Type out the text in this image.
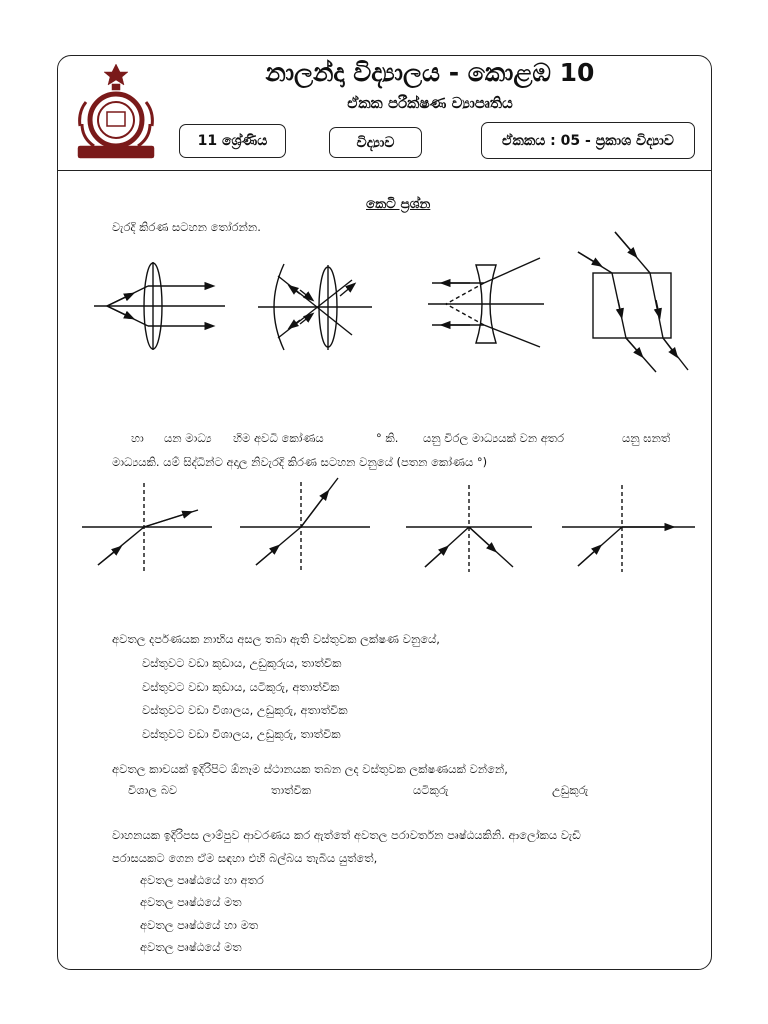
නාලන්දා විද්‍යාලය - කොළඹ 10
ඒකක පරීක්ෂණ ව්‍යාපෘතිය
11 ශ්‍රේණිය	විද්‍යාව	ඒකකය : 05 - ප්‍රකාශ විද්‍යාව
කෙටි ප්‍රශ්න
වැරදි කිරණ සටහන තෝරන්න.
හා යන මාධ්‍ය හිම අවධි කෝණය	° කි. යනු විරල මාධ්‍යයක් වන අතර	යනු ඝනත්
මාධ්‍යයකි. යම් සිද්ධින්ට අදාල නිවැරදි කිරණ සටහන වනුයේ (පතන කෝණය °)
අවතල දර්පණයක නාභිය අසල තබා ඇති වස්තුවක ලක්ෂණ වනුයේ,
වස්තුවට වඩා කුඩාය, උඩුකුරුය, තාත්වික
වස්තුවට වඩා කුඩාය, යටිකුරු, අතාත්වික
වස්තුවට වඩා විශාලය, උඩුකුරු, අතාත්වික
වස්තුවට වඩා විශාලය, උඩුකුරු, තාත්වික
අවතල කාචයක් ඉදිරිපිට ඕනෑම ස්ථානයක තබන ලද වස්තුවක ලක්ෂණයක් වන්නේ,
විශාල බව	තාත්වික	යටිකුරු	උඩුකුරු
වාහනයක ඉදිරිපස ලාම්පුව ආවරණය කර ඇත්තේ අවතල පරාවර්තන පෘෂ්ඨයකිනි. ආලෝකය වැඩි
පරාසයකට ගෙන ඒම සඳහා එහි බල්බය තැබිය යුත්තේ,
අවතල පෘෂ්ඨයේ හා අතර
අවතල පෘෂ්ඨයේ මත
අවතල පෘෂ්ඨයේ හා මත
අවතල පෘෂ්ඨයේ මත
